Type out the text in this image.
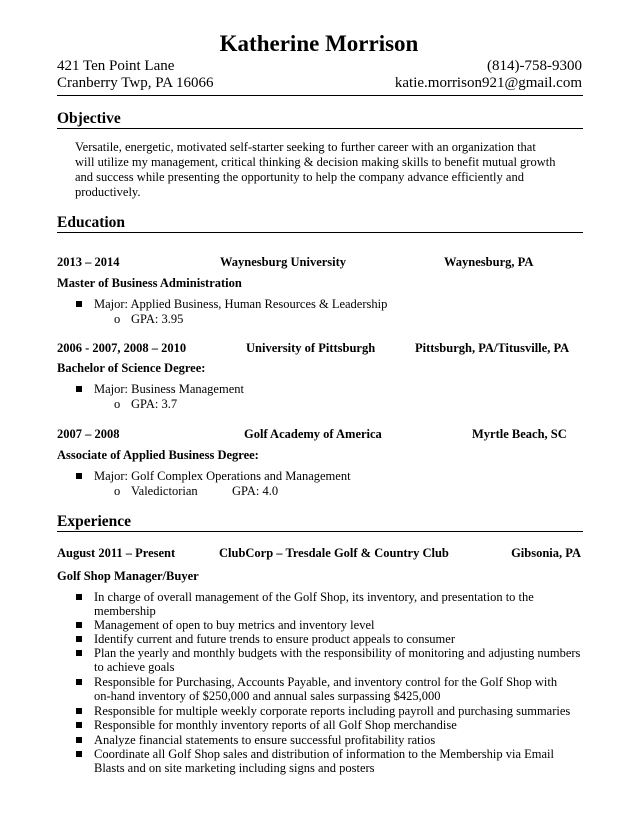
Katherine Morrison
421 Ten Point Lane	(814)-758-9300
Cranberry Twp, PA 16066	katie.morrison921@gmail.com
Objective
Versatile, energetic, motivated self-starter seeking to further career with an organization that
will utilize my management, critical thinking & decision making skills to benefit mutual growth
and success while presenting the opportunity to help the company advance efficiently and
productively.
Education
2013 – 2014	Waynesburg University	Waynesburg, PA
Master of Business Administration
Major: Applied Business, Human Resources & Leadership
o GPA: 3.95
2006 - 2007, 2008 – 2010	University of Pittsburgh	Pittsburgh, PA/Titusville, PA
Bachelor of Science Degree:
Major: Business Management
o GPA: 3.7
2007 – 2008	Golf Academy of America	Myrtle Beach, SC
Associate of Applied Business Degree:
Major: Golf Complex Operations and Management
o Valedictorian	GPA: 4.0
Experience
August 2011 – Present	ClubCorp – Tresdale Golf & Country Club	Gibsonia, PA
Golf Shop Manager/Buyer
In charge of overall management of the Golf Shop, its inventory, and presentation to the
membership
Management of open to buy metrics and inventory level
Identify current and future trends to ensure product appeals to consumer
Plan the yearly and monthly budgets with the responsibility of monitoring and adjusting numbers
to achieve goals
Responsible for Purchasing, Accounts Payable, and inventory control for the Golf Shop with
on-hand inventory of $250,000 and annual sales surpassing $425,000
Responsible for multiple weekly corporate reports including payroll and purchasing summaries
Responsible for monthly inventory reports of all Golf Shop merchandise
Analyze financial statements to ensure successful profitability ratios
Coordinate all Golf Shop sales and distribution of information to the Membership via Email
Blasts and on site marketing including signs and posters
